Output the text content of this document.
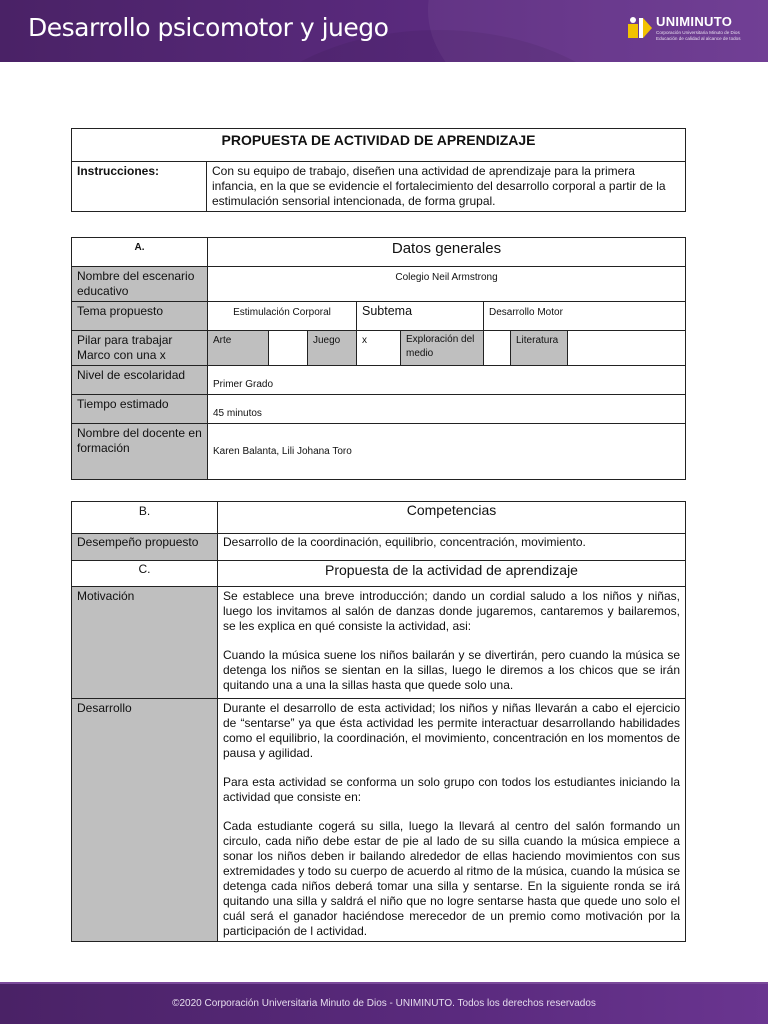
Desarrollo psicomotor y juego	UNIMINUTO
Corporación Universitaria Minuto de Dios
Educación de calidad al alcance de todos
PROPUESTA DE ACTIVIDAD DE APRENDIZAJE
Instrucciones:	Con su equipo de trabajo, diseñen una actividad de aprendizaje para la primera infancia, en la que se evidencie el fortalecimiento del desarrollo corporal a partir de la estimulación sensorial intencionada, de forma grupal.
A.	Datos generales							
Nombre del escenario educativo	Colegio Neil Armstrong							
Tema propuesto	Estimulación Corporal			Subtema		Desarrollo Motor		
Pilar para trabajar Marco con una x	Arte		Juego	x	Exploración del medio		Literatura	
Nivel de escolaridad	Primer Grado							
Tiempo estimado	45 minutos							
Nombre del docente en formación	Karen Balanta, Lili Johana Toro							
B.	Competencias
Desempeño propuesto	Desarrollo de la coordinación, equilibrio, concentración, movimiento.
C.	Propuesta de la actividad de aprendizaje
Motivación	Se establece una breve introducción; dando un cordial saludo a los niños y niñas, luego los invitamos al salón de danzas donde jugaremos, cantaremos y bailaremos, se les explica en qué consiste la actividad, asi:

Cuando la música suene los niños bailarán y se divertirán, pero cuando la música se detenga los niños se sientan en la sillas, luego le diremos a los chicos que se irán quitando una a una la sillas hasta que quede solo una.

Desarrollo	Durante el desarrollo de esta actividad; los niños y niñas llevarán a cabo el ejercicio de “sentarse” ya que ésta actividad les permite interactuar desarrollando habilidades como el equilibrio, la coordinación, el movimiento, concentración en los momentos de pausa y agilidad.

Para esta actividad se conforma un solo grupo con todos los estudiantes iniciando la actividad que consiste en:

Cada estudiante cogerá su silla, luego la llevará al centro del salón formando un circulo, cada niño debe estar de pie al lado de su silla cuando la música empiece a sonar los niños deben ir bailando alrededor de ellas haciendo movimientos con sus extremidades y todo su cuerpo de acuerdo al ritmo de la música, cuando la música se detenga cada niños deberá tomar una silla y sentarse. En la siguiente ronda se irá quitando una silla y saldrá el niño que no logre sentarse hasta que quede uno solo el cuál será el ganador haciéndose merecedor de un premio como motivación por la participación de l actividad.

©2020 Corporación Universitaria Minuto de Dios - UNIMINUTO. Todos los derechos reservados
